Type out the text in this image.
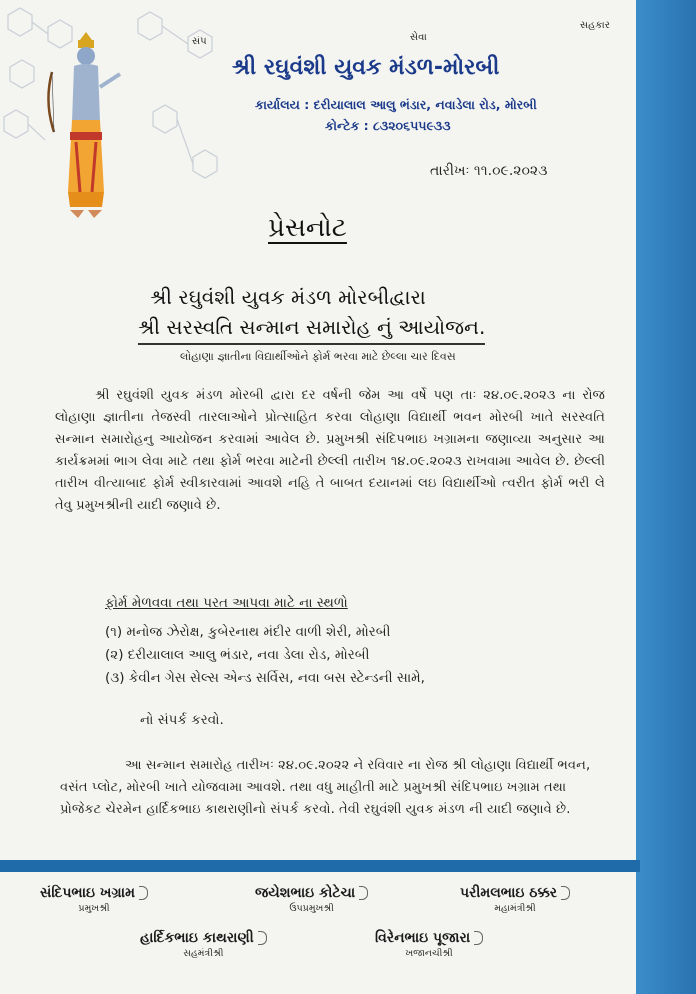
સંપ	સેવા
સહકાર
શ્રી રઘુવંશી યુવક મંડળ-મોરબી
કાર્યાલય : દરીયાલાલ આલુ ભંડાર, નવાડેલા રોડ, મોરબી
કોન્ટેક : ૮૩૨૦૬૫૫૯૩૩
તારીખઃ ૧૧.૦૯.૨૦૨૩
પ્રેસનોટ
શ્રી રઘુવંશી યુવક મંડળ મોરબીદ્વારા
શ્રી સરસ્વતિ સન્માન સમારોહ નું આયોજન.
લોહાણા જ્ઞાતીના વિદ્યાર્થીઓને ફોર્મ ભરવા માટે છેલ્લા ચાર દિવસ

શ્રી રઘુવંશી યુવક મંડળ મોરબી દ્વારા દર વર્ષની જેમ આ વર્ષે પણ તાઃ ૨૪.૦૯.૨૦૨૩ ના રોજ લોહાણા જ્ઞાતીના તેજસ્વી તારલાઓને પ્રોત્સાહિત કરવા લોહાણા વિદ્યાર્થી ભવન મોરબી ખાતે સરસ્વતિ સન્માન સમારોહનુ આયોજન કરવામાં આવેલ છે. પ્રમુખશ્રી સંદિપભાઇ ખગ્રામના જણાવ્યા અનુસાર આ કાર્યક્રમમાં ભાગ લેવા માટે તથા ફોર્મ ભરવા માટેની છેલ્લી તારીખ ૧૪.૦૯.૨૦૨૩ રાખવામા આવેલ છે. છેલ્લી તારીખ વીત્યાબાદ ફોર્મ સ્વીકારવામાં આવશે નહિ તે બાબત દયાનમાં લઇ વિદ્યાર્થીઓ ત્વરીત ફોર્મ ભરી લે તેવુ પ્રમુખશ્રીની યાદી જણાવે છે.

ફોર્મ મેળવવા તથા પરત આપવા માટે ના સ્થળો
(૧) મનોજ ઝેરોક્ષ, કુબેરનાથ મંદીર વાળી શેરી, મોરબી
(૨) દરીયાલાલ આલુ ભંડાર, નવા ડેલા રોડ, મોરબી
(૩) કેવીન ગેસ સેલ્સ એન્ડ સર્વિસ, નવા બસ સ્ટેન્ડની સામે,
નો સંપર્ક કરવો.

આ સન્માન સમારોહ તારીખઃ ૨૪.૦૯.૨૦૨૨ ને રવિવાર ના રોજ શ્રી લોહાણા વિદ્યાર્થી ભવન, વસંત પ્લોટ, મોરબી ખાતે યોજવામા આવશે. તથા વધુ માહીતી માટે પ્રમુખશ્રી સંદિપભાઇ ખગ્રામ તથા પ્રોજેકટ ચેરમેન હાર્દિકભાઇ કાથરાણીનો સંપર્ક કરવો. તેવી રઘુવંશી યુવક મંડળ ની યાદી જણાવે છે.

સંદિપભાઇ ખગ્રામ
પ્રમુખશ્રી
જયેશભાઇ કોટેચા
ઉપપ્રમુખશ્રી
પરીમલભાઇ ઠક્કર
મહામંત્રીશ્રી
હાર્દિકભાઇ કાથરાણી
સહમંત્રીશ્રી
વિરેનભાઇ પૂજારા
ખજાનચીશ્રી
